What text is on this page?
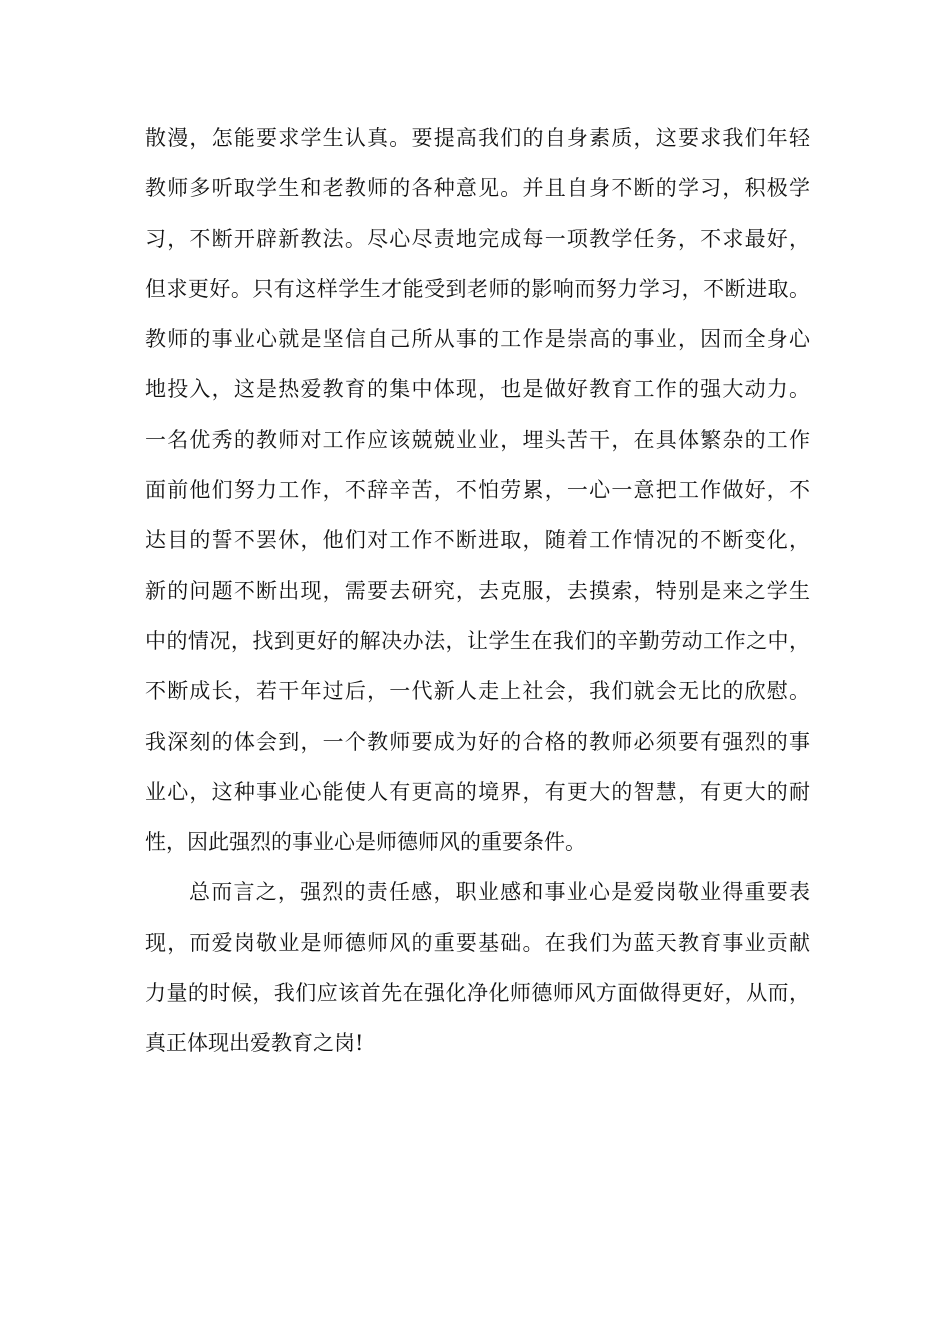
散漫，怎能要求学生认真。要提高我们的自身素质，这要求我们年轻
教师多听取学生和老教师的各种意见。并且自身不断的学习，积极学
习，不断开辟新教法。尽心尽责地完成每一项教学任务，不求最好，
但求更好。只有这样学生才能受到老师的影响而努力学习，不断进取。
教师的事业心就是坚信自己所从事的工作是崇高的事业，因而全身心
地投入，这是热爱教育的集中体现，也是做好教育工作的强大动力。
一名优秀的教师对工作应该兢兢业业，埋头苦干，在具体繁杂的工作
面前他们努力工作，不辞辛苦，不怕劳累，一心一意把工作做好，不
达目的誓不罢休，他们对工作不断进取，随着工作情况的不断变化，
新的问题不断出现，需要去研究，去克服，去摸索，特别是来之学生
中的情况，找到更好的解决办法，让学生在我们的辛勤劳动工作之中，
不断成长，若干年过后，一代新人走上社会，我们就会无比的欣慰。
我深刻的体会到，一个教师要成为好的合格的教师必须要有强烈的事
业心，这种事业心能使人有更高的境界，有更大的智慧，有更大的耐
性，因此强烈的事业心是师德师风的重要条件。
总而言之，强烈的责任感，职业感和事业心是爱岗敬业得重要表
现，而爱岗敬业是师德师风的重要基础。在我们为蓝天教育事业贡献
力量的时候，我们应该首先在强化净化师德师风方面做得更好，从而，
真正体现出爱教育之岗!
